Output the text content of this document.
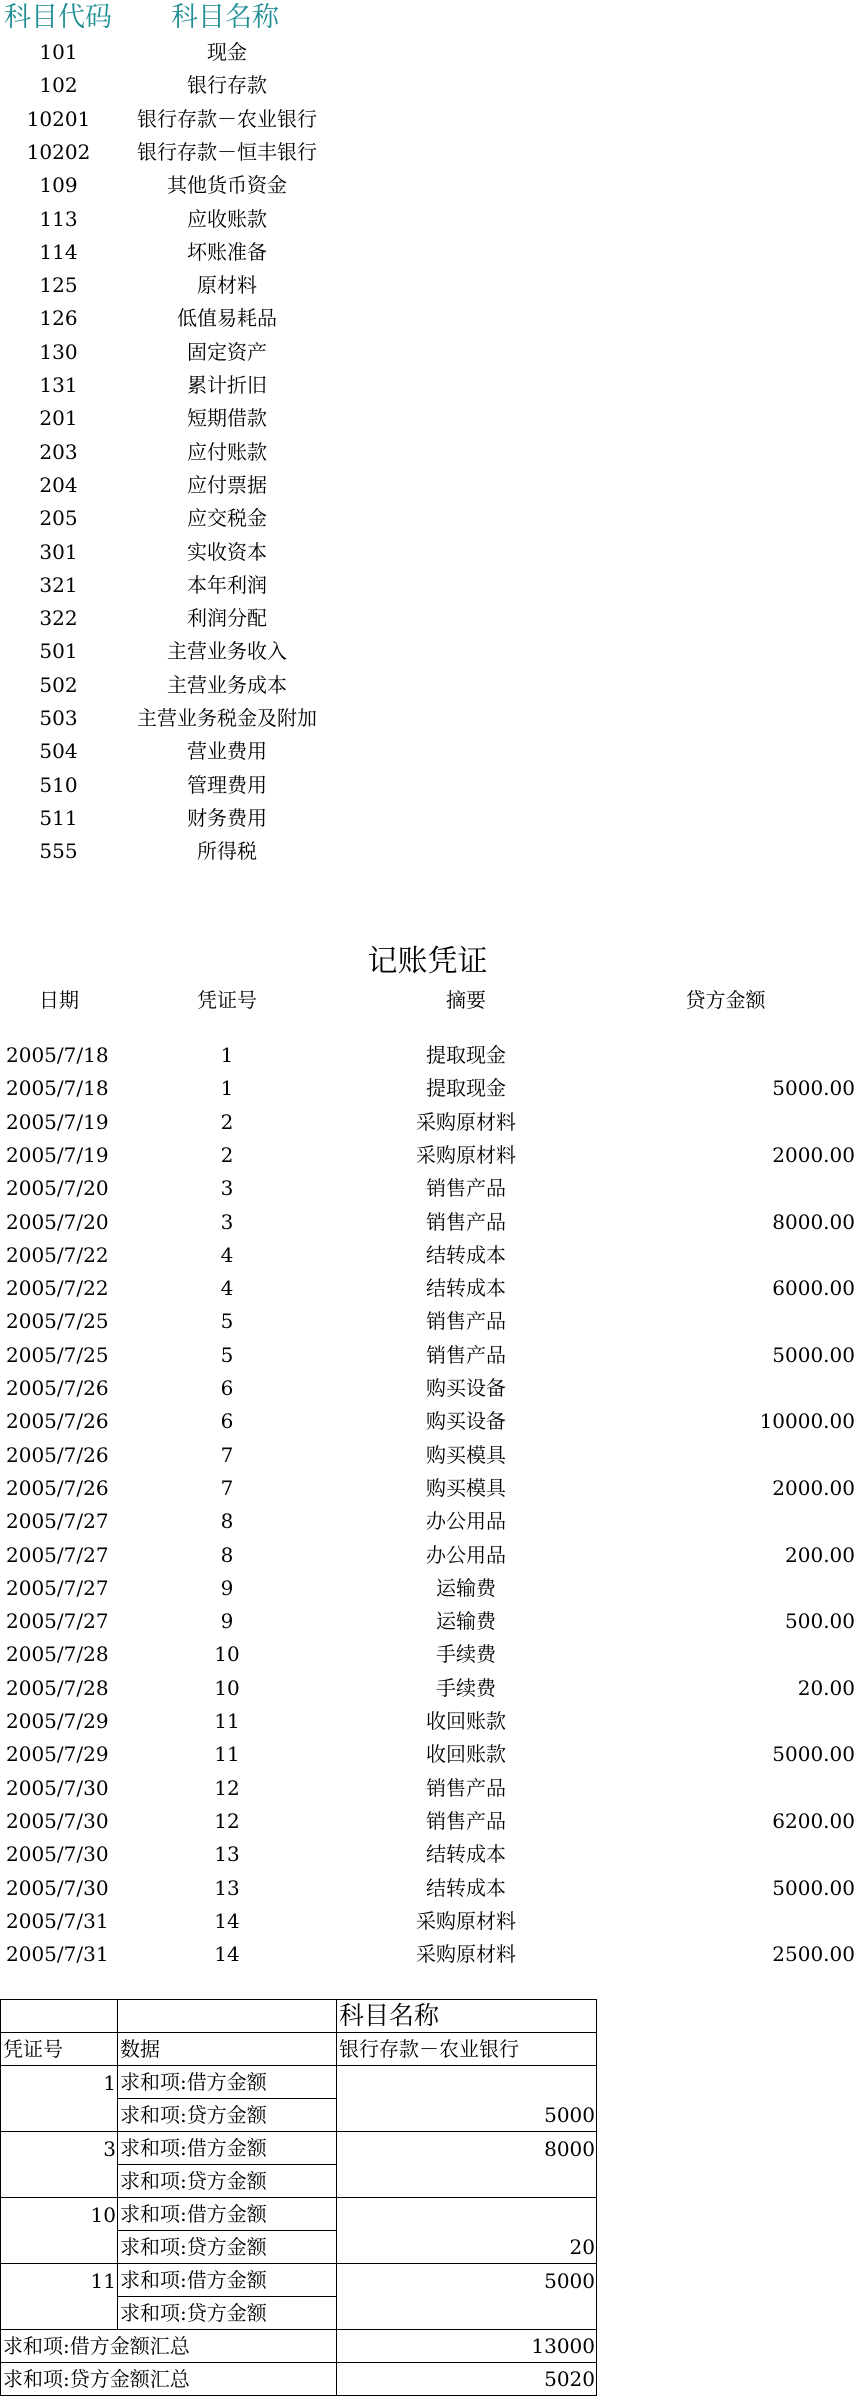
科目代码 科目名称
101	现金
102	银行存款
10201	银行存款－农业银行
10202	银行存款－恒丰银行
109	其他货币资金
113	应收账款
114	坏账准备
125	原材料
126	低值易耗品
130	固定资产
131	累计折旧
201	短期借款
203	应付账款
204	应付票据
205	应交税金
301	实收资本
321	本年利润
322	利润分配
501	主营业务收入
502	主营业务成本
503	主营业务税金及附加
504	营业费用
510	管理费用
511	财务费用
555	所得税
记账凭证
日期	凭证号	摘要	贷方金额
2005/7/18	1	提取现金
2005/7/18	1	提取现金	5000.00
2005/7/19	2	采购原材料
2005/7/19	2	采购原材料	2000.00
2005/7/20	3	销售产品
2005/7/20	3	销售产品	8000.00
2005/7/22	4	结转成本
2005/7/22	4	结转成本	6000.00
2005/7/25	5	销售产品
2005/7/25	5	销售产品	5000.00
2005/7/26	6	购买设备
2005/7/26	6	购买设备	10000.00
2005/7/26	7	购买模具
2005/7/26	7	购买模具	2000.00
2005/7/27	8	办公用品
2005/7/27	8	办公用品	200.00
2005/7/27	9	运输费
2005/7/27	9	运输费	500.00
2005/7/28	10	手续费
2005/7/28	10	手续费	20.00
2005/7/29	11	收回账款
2005/7/29	11	收回账款	5000.00
2005/7/30	12	销售产品
2005/7/30	12	销售产品	6200.00
2005/7/30	13	结转成本
2005/7/30	13	结转成本	5000.00
2005/7/31	14	采购原材料
2005/7/31	14	采购原材料	2500.00
		科目名称
凭证号	数据	银行存款－农业银行
1	求和项:借方金额	
	求和项:贷方金额	5000
3	求和项:借方金额	8000
	求和项:贷方金额	
10	求和项:借方金额	
	求和项:贷方金额	20
11	求和项:借方金额	5000
	求和项:贷方金额	
求和项:借方金额汇总		13000
求和项:贷方金额汇总		5020
